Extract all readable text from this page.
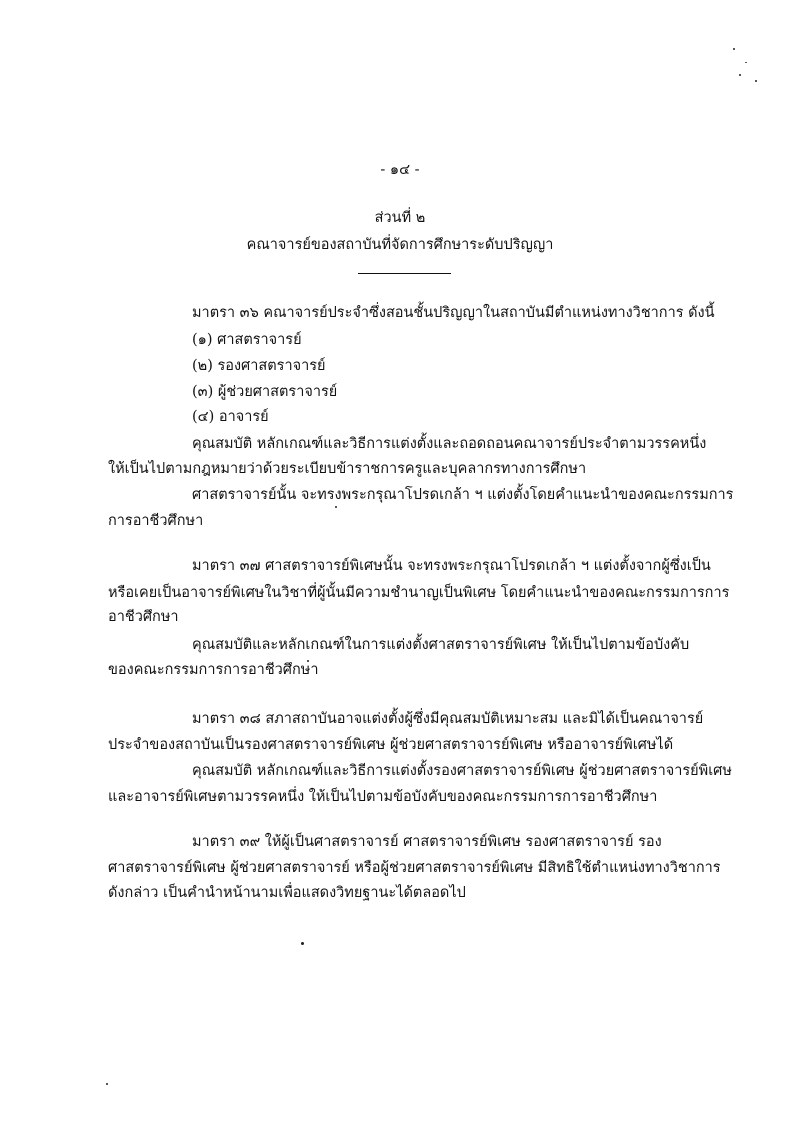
- ๑๔ -
ส่วนที่ ๒
คณาจารย์ของสถาบันที่จัดการศึกษาระดับปริญญา
มาตรา ๓๖ คณาจารย์ประจำซึ่งสอนชั้นปริญญาในสถาบันมีตำแหน่งทางวิชาการ ดังนี้
(๑) ศาสตราจารย์
(๒) รองศาสตราจารย์
(๓) ผู้ช่วยศาสตราจารย์
(๔) อาจารย์
คุณสมบัติ หลักเกณฑ์และวิธีการแต่งตั้งและถอดถอนคณาจารย์ประจำตามวรรคหนึ่ง
ให้เป็นไปตามกฎหมายว่าด้วยระเบียบข้าราชการครูและบุคลากรทางการศึกษา
ศาสตราจารย์นั้น จะทรงพระกรุณาโปรดเกล้า ฯ แต่งตั้งโดยคำแนะนำของคณะกรรมการ
การอาชีวศึกษา
มาตรา ๓๗ ศาสตราจารย์พิเศษนั้น จะทรงพระกรุณาโปรดเกล้า ฯ แต่งตั้งจากผู้ซึ่งเป็น
หรือเคยเป็นอาจารย์พิเศษในวิชาที่ผู้นั้นมีความชำนาญเป็นพิเศษ โดยคำแนะนำของคณะกรรมการการ
อาชีวศึกษา
คุณสมบัติและหลักเกณฑ์ในการแต่งตั้งศาสตราจารย์พิเศษ ให้เป็นไปตามข้อบังคับ
ของคณะกรรมการการอาชีวศึกษา
มาตรา ๓๘ สภาสถาบันอาจแต่งตั้งผู้ซึ่งมีคุณสมบัติเหมาะสม และมิได้เป็นคณาจารย์
ประจำของสถาบันเป็นรองศาสตราจารย์พิเศษ ผู้ช่วยศาสตราจารย์พิเศษ หรืออาจารย์พิเศษได้
คุณสมบัติ หลักเกณฑ์และวิธีการแต่งตั้งรองศาสตราจารย์พิเศษ ผู้ช่วยศาสตราจารย์พิเศษ
และอาจารย์พิเศษตามวรรคหนึ่ง ให้เป็นไปตามข้อบังคับของคณะกรรมการการอาชีวศึกษา
มาตรา ๓๙ ให้ผู้เป็นศาสตราจารย์ ศาสตราจารย์พิเศษ รองศาสตราจารย์ รอง
ศาสตราจารย์พิเศษ ผู้ช่วยศาสตราจารย์ หรือผู้ช่วยศาสตราจารย์พิเศษ มีสิทธิใช้ตำแหน่งทางวิชาการ
ดังกล่าว เป็นคำนำหน้านามเพื่อแสดงวิทยฐานะได้ตลอดไป
